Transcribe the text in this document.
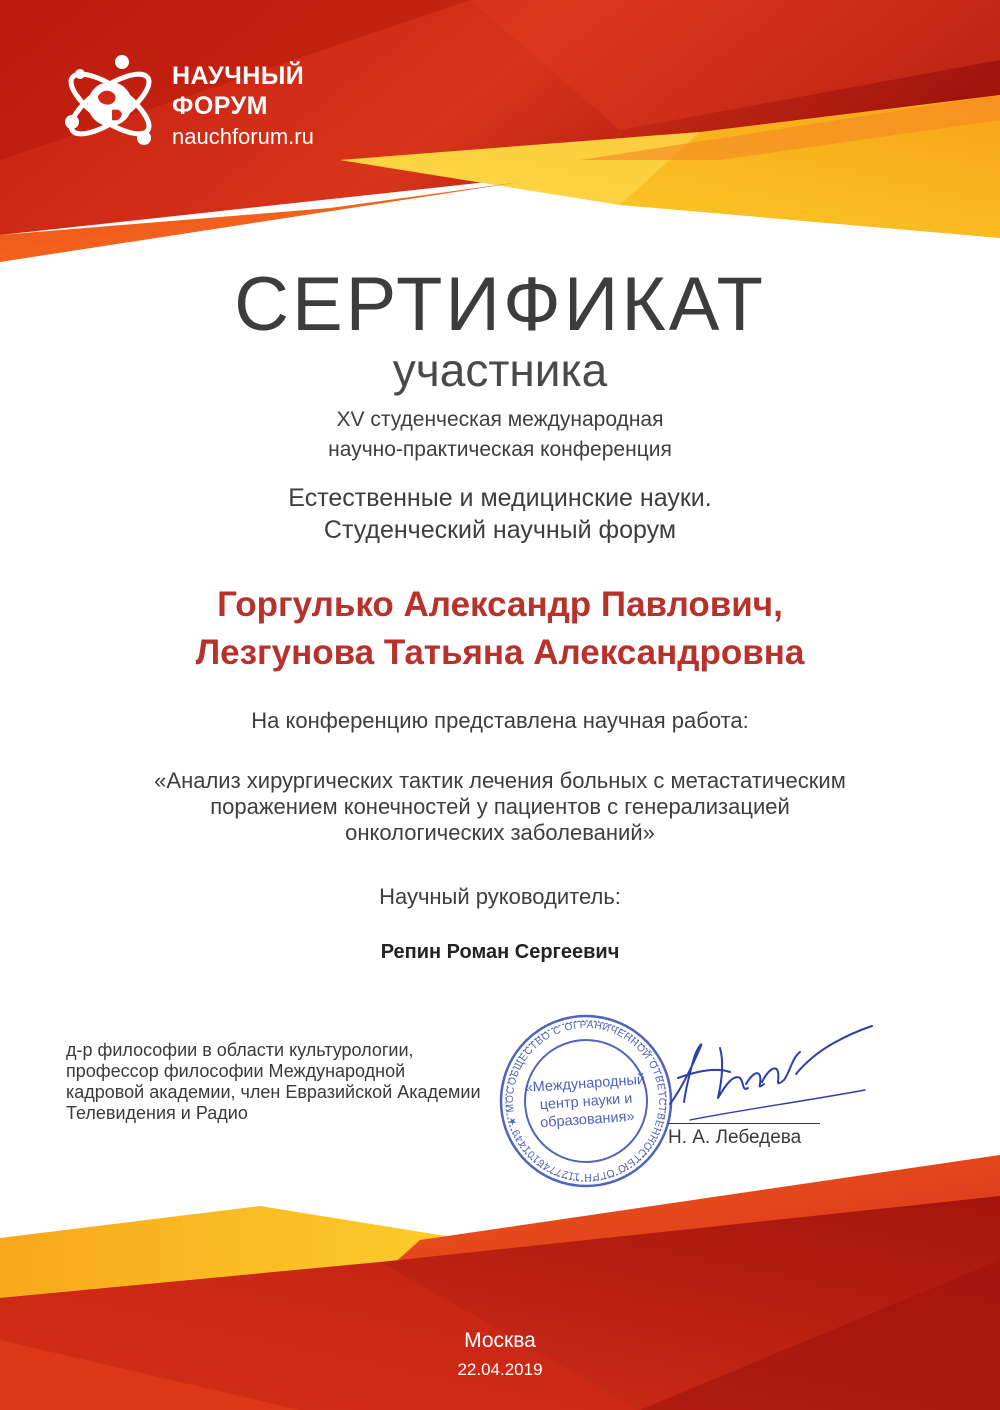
НАУЧНЫЙ
ФОРУМ
nauchforum.ru
СЕРТИФИКАТ
участника
XV студенческая международная
научно-практическая конференция
Естественные и медицинские науки.
Студенческий научный форум
Горгулько Александр Павлович,
Лезгунова Татьяна Александровна
На конференцию представлена научная работа:
«Анализ хирургических тактик лечения больных с метастатическим
поражением конечностей у пациентов с генерализацией
онкологических заболеваний»
Научный руководитель:
Репин Роман Сергеевич
д-р философии в области культурологии,
профессор философии Международной
кадровой академии, член Евразийской Академии
Телевидения и Радио
ОБЩЕСТВО С ОГРАНИЧЕННОЙ ОТВЕТСТВЕННОСТЬЮ ОГРН 1127746101449 ★ МОСКВА
«Международный
центр науки и
образования»
Н. А. Лебедева
Москва
22.04.2019
